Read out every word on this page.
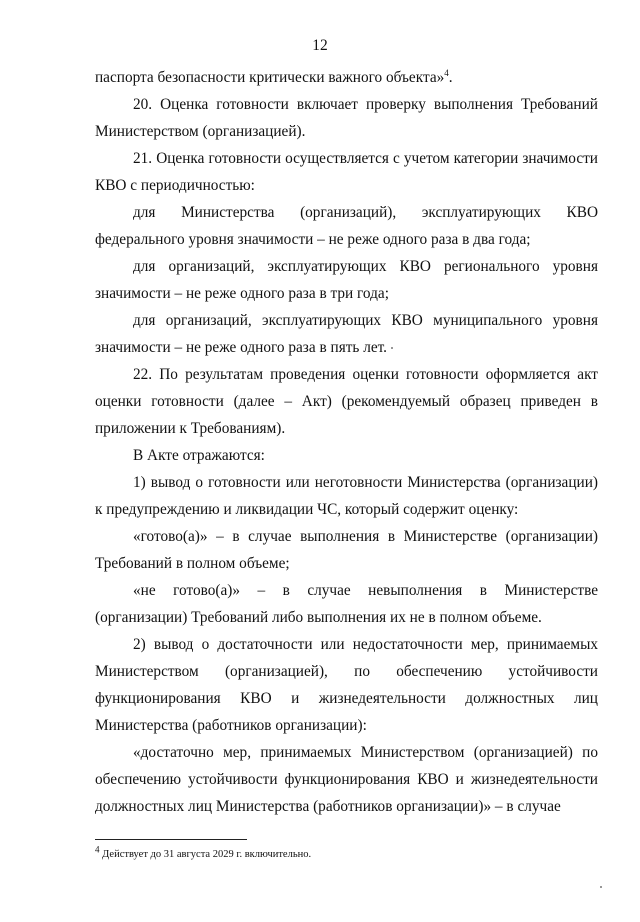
12

паспорта безопасности критически важного объекта»$^4$.

20. Оценка готовности включает проверку выполнения Требований Министерством (организацией).

21. Оценка готовности осуществляется с учетом категории значимости КВО с периодичностью:

для Министерства (организаций), эксплуатирующих КВО федерального уровня значимости – не реже одного раза в два года;

для организаций, эксплуатирующих КВО регионального уровня значимости – не реже одного раза в три года;

для организаций, эксплуатирующих КВО муниципального уровня значимости – не реже одного раза в пять лет.

22. По результатам проведения оценки готовности оформляется акт оценки готовности (далее – Акт) (рекомендуемый образец приведен в приложении к Требованиям).

В Акте отражаются:

1) вывод о готовности или неготовности Министерства (организации) к предупреждению и ликвидации ЧС, который содержит оценку:

«готово(а)» – в случае выполнения в Министерстве (организации) Требований в полном объеме;

«не готово(а)» – в случае невыполнения в Министерстве (организации) Требований либо выполнения их не в полном объеме.

2) вывод о достаточности или недостаточности мер, принимаемых Министерством (организацией), по обеспечению устойчивости функционирования КВО и жизнедеятельности должностных лиц Министерства (работников организации):

«достаточно мер, принимаемых Министерством (организацией) по обеспечению устойчивости функционирования КВО и жизнедеятельности должностных лиц Министерства (работников организации)» – в случае

$^4$ Действует до 31 августа 2029 г. включительно.
